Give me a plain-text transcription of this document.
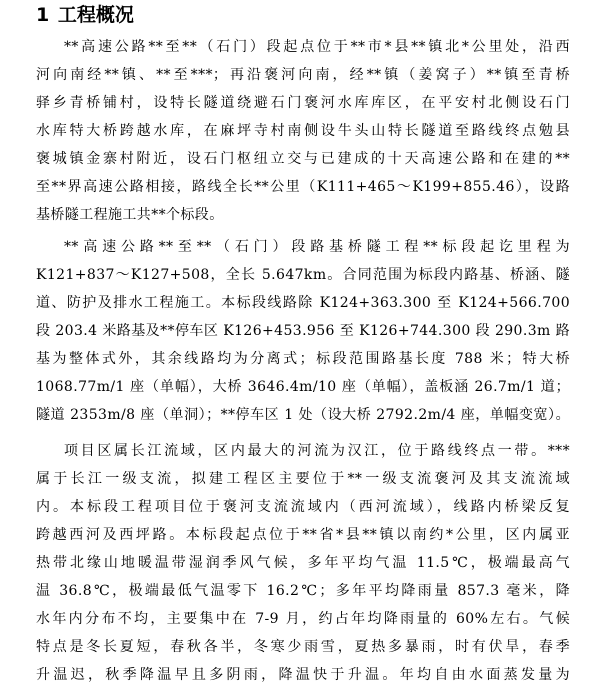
1 工程概况

**高速公路**至**（石门）段起点位于**市*县**镇北*公里处，沿西

河向南经**镇、**至***；再沿褒河向南，经**镇（姜窝子）**镇至青桥

驿乡青桥铺村，设特长隧道绕避石门褒河水库库区，在平安村北侧设石门

水库特大桥跨越水库，在麻坪寺村南侧设牛头山特长隧道至路线终点勉县

褒城镇金寨村附近，设石门枢纽立交与已建成的十天高速公路和在建的**

至**界高速公路相接，路线全长**公里（K111+465～K199+855.46），设路

基桥隧工程施工共**个标段。

**高速公路**至**（石门）段路基桥隧工程**标段起讫里程为

K121+837～K127+508，全长 5.647km。合同范围为标段内路基、桥涵、隧

道、防护及排水工程施工。本标段线路除 K124+363.300 至 K124+566.700

段 203.4 米路基及**停车区 K126+453.956 至 K126+744.300 段 290.3m 路

基为整体式外，其余线路均为分离式；标段范围路基长度 788 米；特大桥

1068.77m/1 座（单幅），大桥 3646.4m/10 座（单幅），盖板涵 26.7m/1 道；

隧道 2353m/8 座（单洞）；**停车区 1 处（设大桥 2792.2m/4 座，单幅变宽）。

项目区属长江流域，区内最大的河流为汉江，位于路线终点一带。***

属于长江一级支流，拟建工程区主要位于**一级支流褒河及其支流流域

内。本标段工程项目位于褒河支流流域内（西河流域），线路内桥梁反复

跨越西河及西坪路。本标段起点位于**省*县**镇以南约*公里，区内属亚

热带北缘山地暖温带湿润季风气候，多年平均气温 11.5℃，极端最高气

温 36.8℃，极端最低气温零下 16.2℃；多年平均降雨量 857.3 毫米，降

水年内分布不均，主要集中在 7-9 月，约占年均降雨量的 60%左右。气候

特点是冬长夏短，春秋各半，冬寒少雨雪，夏热多暴雨，时有伏旱，春季

升温迟，秋季降温早且多阴雨，降温快于升温。年均自由水面蒸发量为
